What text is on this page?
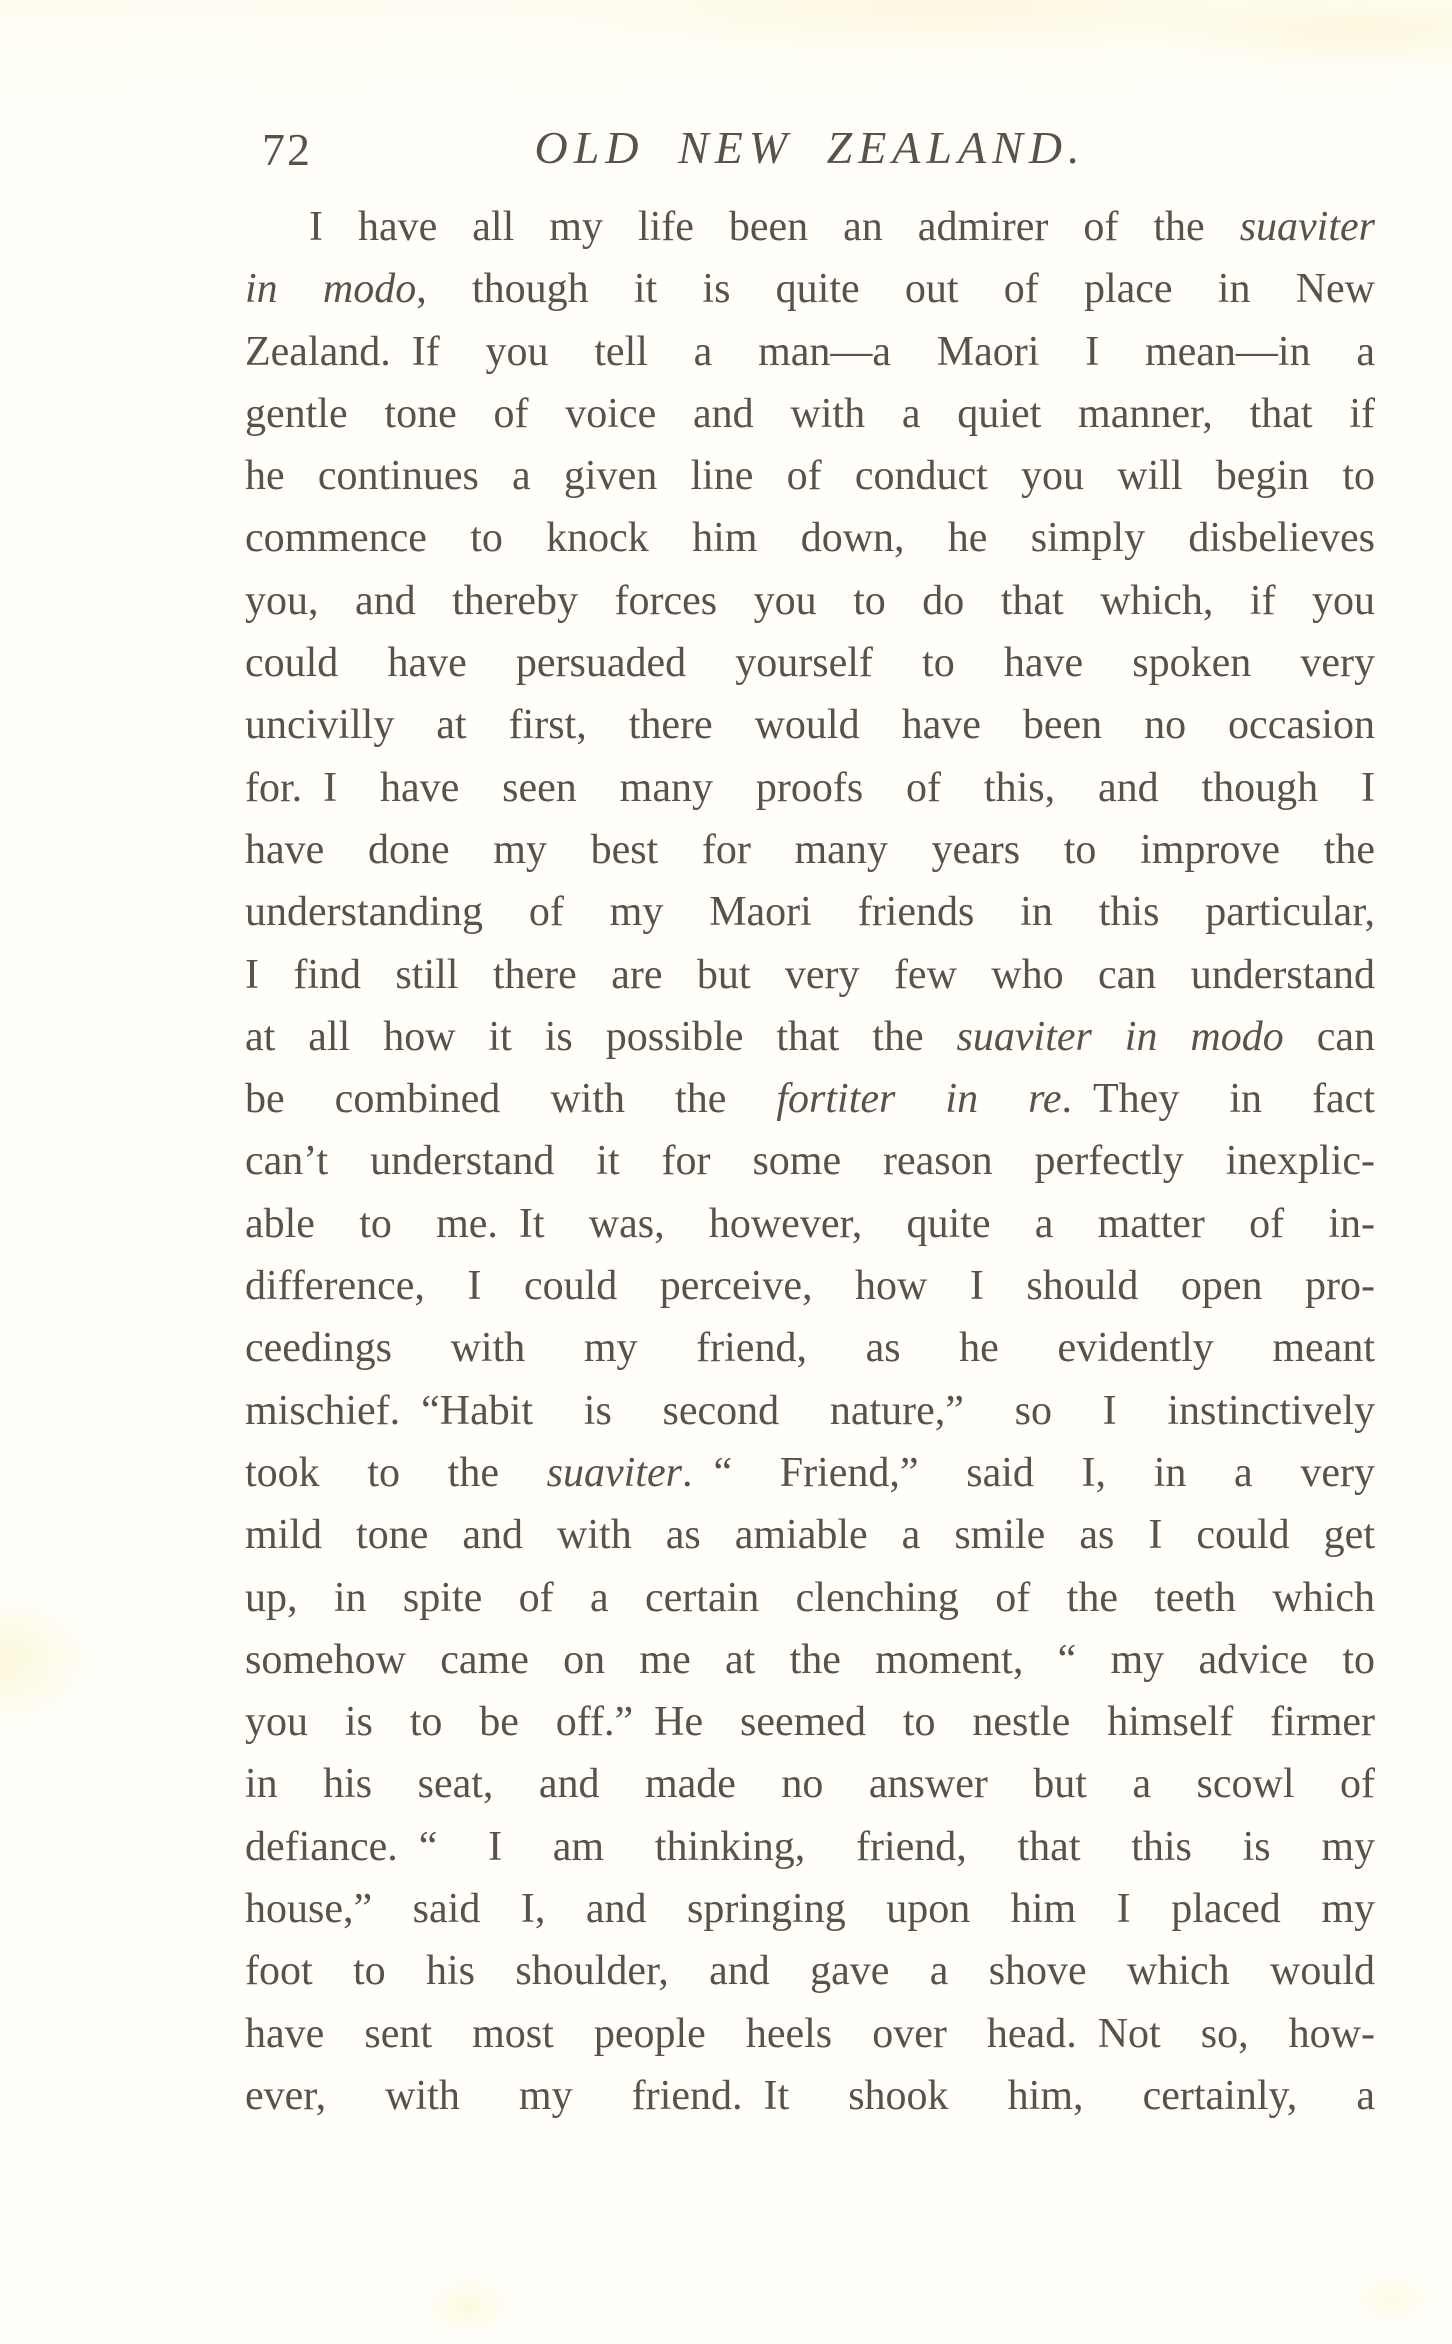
72	OLD NEW ZEALAND.
I have all my life been an admirer of the suaviter
in modo, though it is quite out of place in New
Zealand. If you tell a man—a Maori I mean—in a
gentle tone of voice and with a quiet manner, that if
he continues a given line of conduct you will begin to
commence to knock him down, he simply disbelieves
you, and thereby forces you to do that which, if you
could have persuaded yourself to have spoken very
uncivilly at first, there would have been no occasion
for. I have seen many proofs of this, and though I
have done my best for many years to improve the
understanding of my Maori friends in this particular,
I find still there are but very few who can understand
at all how it is possible that the suaviter in modo can
be combined with the fortiter in re. They in fact
can’t understand it for some reason perfectly inexplic-
able to me. It was, however, quite a matter of in-
difference, I could perceive, how I should open pro-
ceedings with my friend, as he evidently meant
mischief. “Habit is second nature,” so I instinctively
took to the suaviter. “ Friend,” said I, in a very
mild tone and with as amiable a smile as I could get
up, in spite of a certain clenching of the teeth which
somehow came on me at the moment, “ my advice to
you is to be off.” He seemed to nestle himself firmer
in his seat, and made no answer but a scowl of
defiance. “ I am thinking, friend, that this is my
house,” said I, and springing upon him I placed my
foot to his shoulder, and gave a shove which would
have sent most people heels over head. Not so, how-
ever, with my friend. It shook him, certainly, a
